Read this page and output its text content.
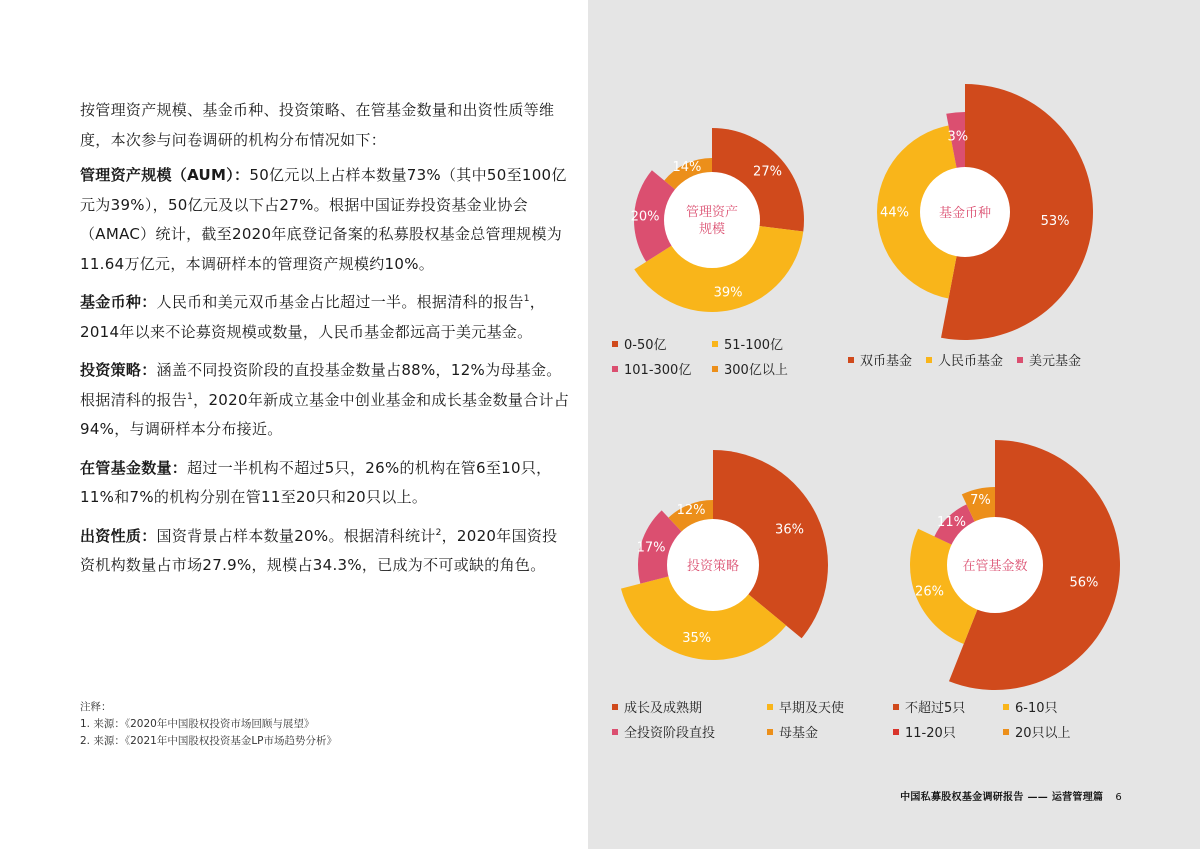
按管理资产规模、基金币种、投资策略、在管基金数量和出资性质等维度，本次参与问卷调研的机构分布情况如下：

管理资产规模（AUM）：50亿元以上占样本数量73%（其中50至100亿元为39%），50亿元及以下占27%。根据中国证券投资基金业协会（AMAC）统计，截至2020年底登记备案的私募股权基金总管理规模为11.64万亿元，本调研样本的管理资产规模约10%。

基金币种：人民币和美元双币基金占比超过一半。根据清科的报告$^1$，2014年以来不论募资规模或数量，人民币基金都远高于美元基金。

投资策略：涵盖不同投资阶段的直投基金数量占88%，12%为母基金。根据清科的报告$^1$，2020年新成立基金中创业基金和成长基金数量合计占94%，与调研样本分布接近。

在管基金数量：超过一半机构不超过5只，26%的机构在管6至10只，11%和7%的机构分别在管11至20只和20只以上。

出资性质：国资背景占样本数量20%。根据清科统计$^2$，2020年国资投资机构数量占市场27.9%，规模占34.3%，已成为不可或缺的角色。

注释：
1. 来源：《2020年中国股权投资市场回顾与展望》
2. 来源：《2021年中国股权投资基金LP市场趋势分析》
27%
39%
20%
14%
管理资产规模
53%
44%
3%
基金币种
36%
35%
17%
12%
投资策略
56%
26%
11%
7%
在管基金数
0-50亿	51-100亿
101-300亿	300亿以上
双币基金 人民币基金 美元基金
成长及成熟期	早期及天使
全投资阶段直投	母基金
不超过5只	6-10只
11-20只	20只以上
中国私募股权基金调研报告 —— 运营管理篇 6
